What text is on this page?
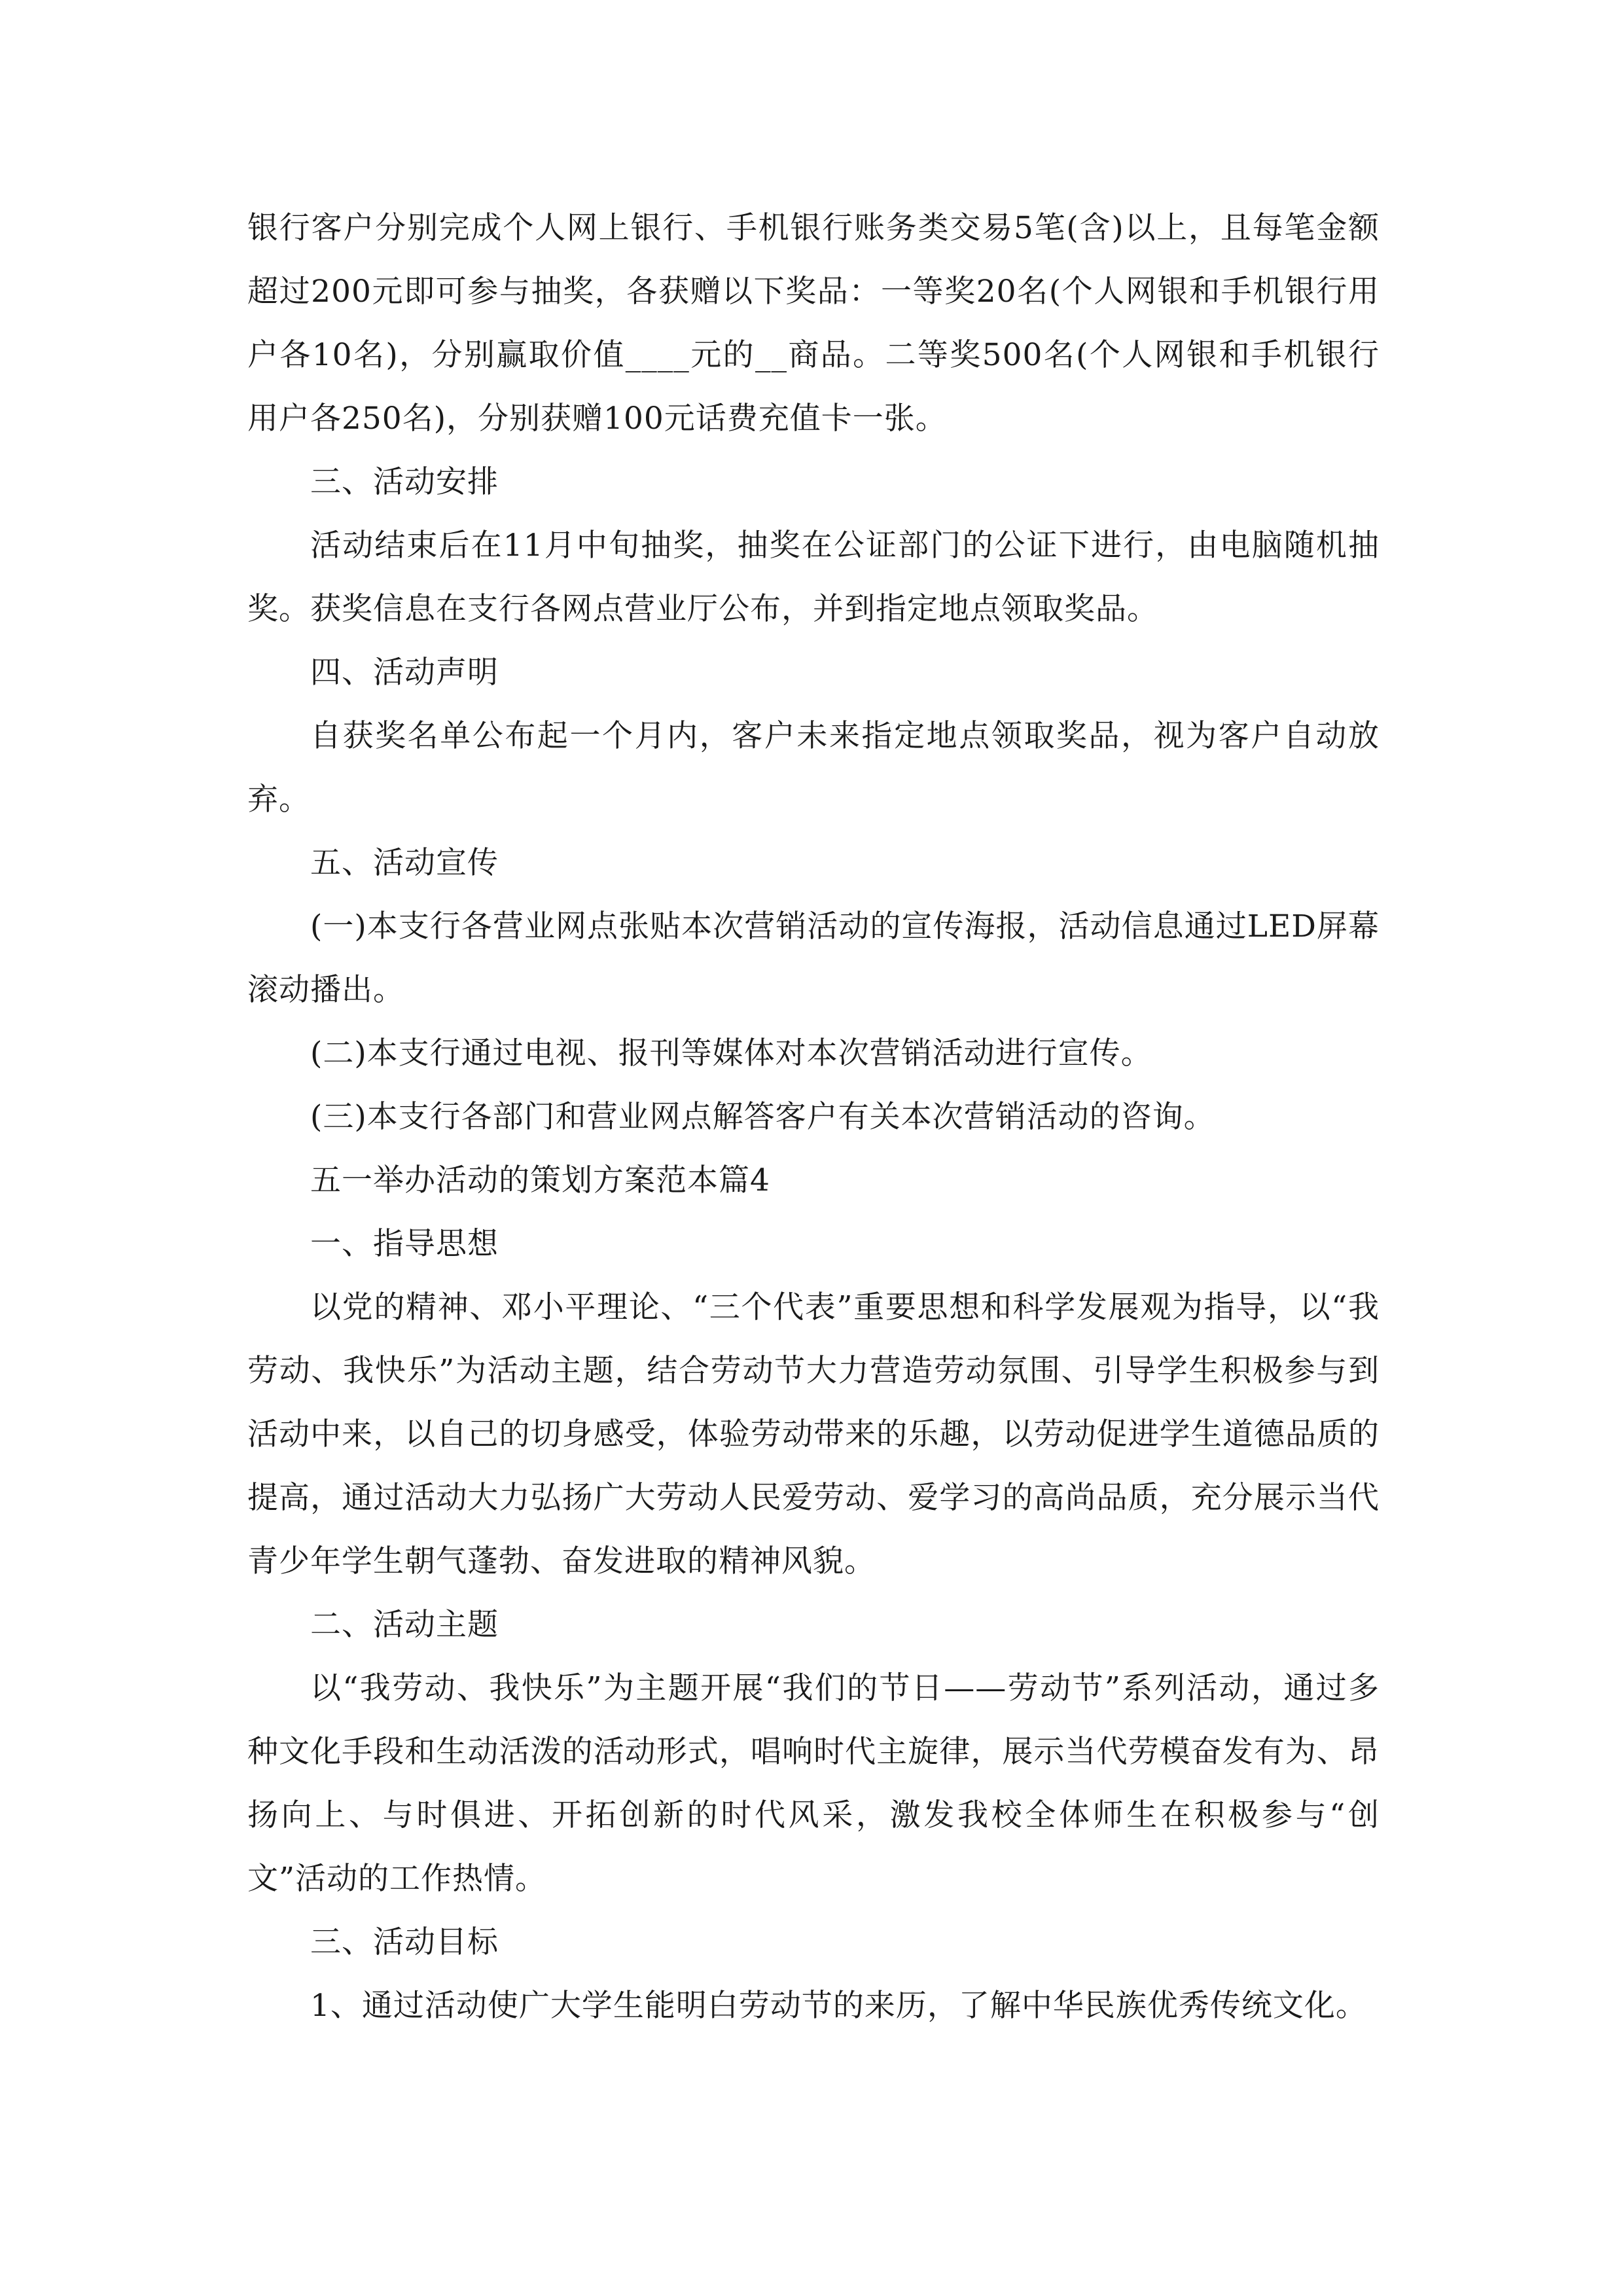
银行客户分别完成个人网上银行、手机银行账务类交易5笔(含)以上，且每笔金额超过200元即可参与抽奖，各获赠以下奖品：一等奖20名(个人网银和手机银行用户各10名)，分别赢取价值____元的__商品。二等奖500名(个人网银和手机银行用户各250名)，分别获赠100元话费充值卡一张。

三、活动安排

活动结束后在11月中旬抽奖，抽奖在公证部门的公证下进行，由电脑随机抽奖。获奖信息在支行各网点营业厅公布，并到指定地点领取奖品。

四、活动声明

自获奖名单公布起一个月内，客户未来指定地点领取奖品，视为客户自动放弃。

五、活动宣传

(一)本支行各营业网点张贴本次营销活动的宣传海报，活动信息通过LED屏幕滚动播出。

(二)本支行通过电视、报刊等媒体对本次营销活动进行宣传。

(三)本支行各部门和营业网点解答客户有关本次营销活动的咨询。

五一举办活动的策划方案范本篇4

一、指导思想

以党的精神、邓小平理论、“三个代表”重要思想和科学发展观为指导，以“我劳动、我快乐”为活动主题，结合劳动节大力营造劳动氛围、引导学生积极参与到活动中来，以自己的切身感受，体验劳动带来的乐趣，以劳动促进学生道德品质的提高，通过活动大力弘扬广大劳动人民爱劳动、爱学习的高尚品质，充分展示当代青少年学生朝气蓬勃、奋发进取的精神风貌。

二、活动主题

以“我劳动、我快乐”为主题开展“我们的节日——劳动节”系列活动，通过多种文化手段和生动活泼的活动形式，唱响时代主旋律，展示当代劳模奋发有为、昂扬向上、与时俱进、开拓创新的时代风采，激发我校全体师生在积极参与“创文”活动的工作热情。

三、活动目标

1、通过活动使广大学生能明白劳动节的来历，了解中华民族优秀传统文化。
